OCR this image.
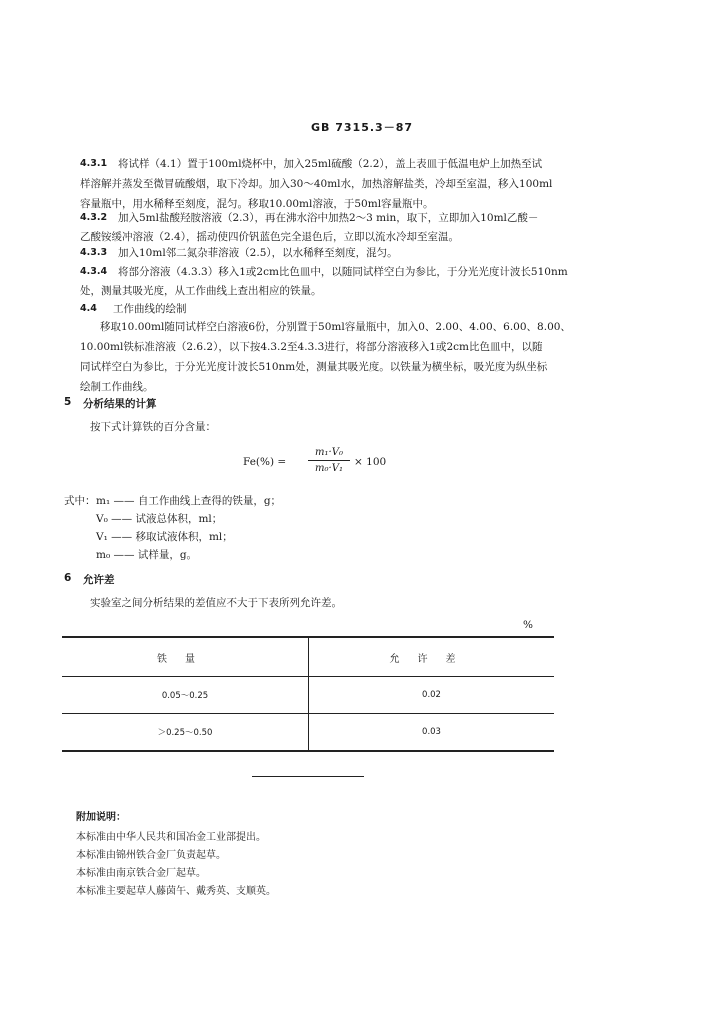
GB 7315.3－87
4.3.1 将试样（4.1）置于100ml烧杯中，加入25ml硫酸（2.2），盖上表皿于低温电炉上加热至试
样溶解并蒸发至微冒硫酸烟，取下冷却。加入30～40ml水，加热溶解盐类，冷却至室温，移入100ml
容量瓶中，用水稀释至刻度，混匀。移取10.00ml溶液，于50ml容量瓶中。
4.3.2 加入5ml盐酸羟胺溶液（2.3），再在沸水浴中加热2～3 min，取下，立即加入10ml乙酸－
乙酸铵缓冲溶液（2.4），摇动使四价钒蓝色完全退色后，立即以流水冷却至室温。
4.3.3 加入10ml邻二氮杂菲溶液（2.5），以水稀释至刻度，混匀。
4.3.4 将部分溶液（4.3.3）移入1或2cm比色皿中，以随同试样空白为参比，于分光光度计波长510nm
处，测量其吸光度，从工作曲线上查出相应的铁量。
4.4 工作曲线的绘制
移取10.00ml随同试样空白溶液6份，分别置于50ml容量瓶中，加入0、2.00、4.00、6.00、8.00、
10.00ml铁标准溶液（2.6.2），以下按4.3.2至4.3.3进行，将部分溶液移入1或2cm比色皿中，以随
同试样空白为参比，于分光光度计波长510nm处，测量其吸光度。以铁量为横坐标，吸光度为纵坐标
绘制工作曲线。
5 分析结果的计算
按下式计算铁的百分含量：
Fe(%) =
m₁·V₀
m₀·V₁
× 100
式中： m₁ —— 自工作曲线上查得的铁量，g；
V₀ —— 试液总体积，ml；
V₁ —— 移取试液体积，ml；
m₀ —— 试样量，g。
6 允许差
实验室之间分析结果的差值应不大于下表所列允许差。
%
铁量	允许差
0.05～0.25	0.02
＞0.25～0.50	0.03
附加说明：
本标准由中华人民共和国冶金工业部提出。
本标准由锦州铁合金厂负责起草。
本标准由南京铁合金厂起草。
本标准主要起草人藤茵午、戴秀英、支顺英。
